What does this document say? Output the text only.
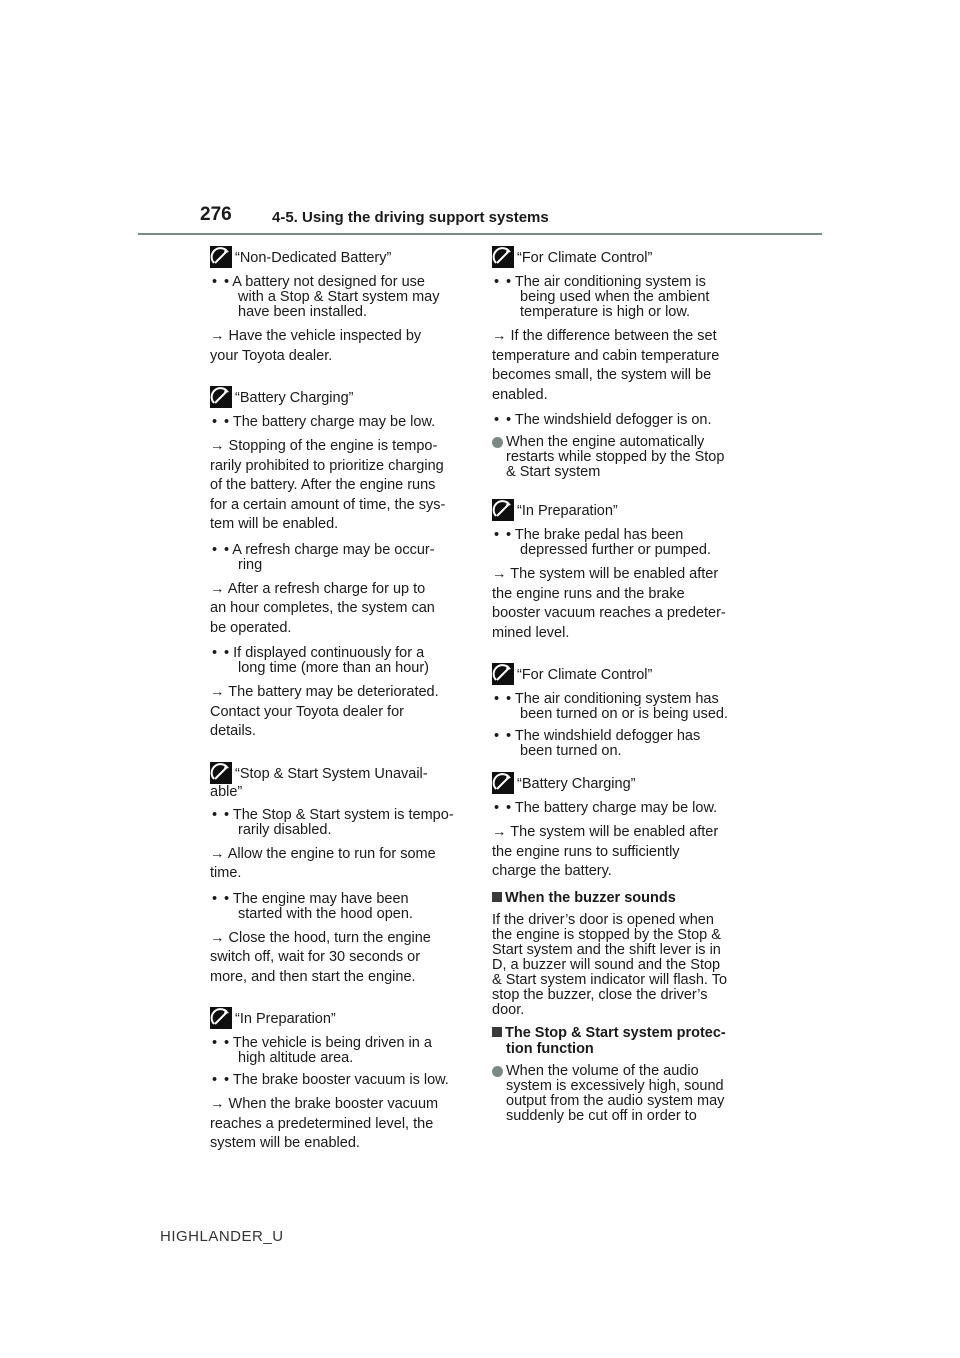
276	4-5. Using the driving support systems
“Non-Dedicated Battery”
• • A battery not designed for use
with a Stop & Start system may
have been installed.
→ Have the vehicle inspected by
your Toyota dealer.
“Battery Charging”
• • The battery charge may be low.
→ Stopping of the engine is tempo-
rarily prohibited to prioritize charging
of the battery. After the engine runs
for a certain amount of time, the sys-
tem will be enabled.
• • A refresh charge may be occur-
ring
→ After a refresh charge for up to
an hour completes, the system can
be operated.
• • If displayed continuously for a
long time (more than an hour)
→ The battery may be deteriorated.
Contact your Toyota dealer for
details.
“Stop & Start System Unavail-
able”
• • The Stop & Start system is tempo-
rarily disabled.
→ Allow the engine to run for some
time.
• • The engine may have been
started with the hood open.
→ Close the hood, turn the engine
switch off, wait for 30 seconds or
more, and then start the engine.
“In Preparation”
• • The vehicle is being driven in a
high altitude area.
• • The brake booster vacuum is low.
→ When the brake booster vacuum
reaches a predetermined level, the
system will be enabled.
“For Climate Control”
• • The air conditioning system is
being used when the ambient
temperature is high or low.
→ If the difference between the set
temperature and cabin temperature
becomes small, the system will be
enabled.
• • The windshield defogger is on.
When the engine automatically
restarts while stopped by the Stop
& Start system
“In Preparation”
• • The brake pedal has been
depressed further or pumped.
→ The system will be enabled after
the engine runs and the brake
booster vacuum reaches a predeter-
mined level.
“For Climate Control”
• • The air conditioning system has
been turned on or is being used.
• • The windshield defogger has
been turned on.
“Battery Charging”
• • The battery charge may be low.
→ The system will be enabled after
the engine runs to sufficiently
charge the battery.
When the buzzer sounds
If the driver’s door is opened when
the engine is stopped by the Stop &
Start system and the shift lever is in
D, a buzzer will sound and the Stop
& Start system indicator will flash. To
stop the buzzer, close the driver’s
door.
The Stop & Start system protec-
tion function
When the volume of the audio
system is excessively high, sound
output from the audio system may
suddenly be cut off in order to
HIGHLANDER_U
